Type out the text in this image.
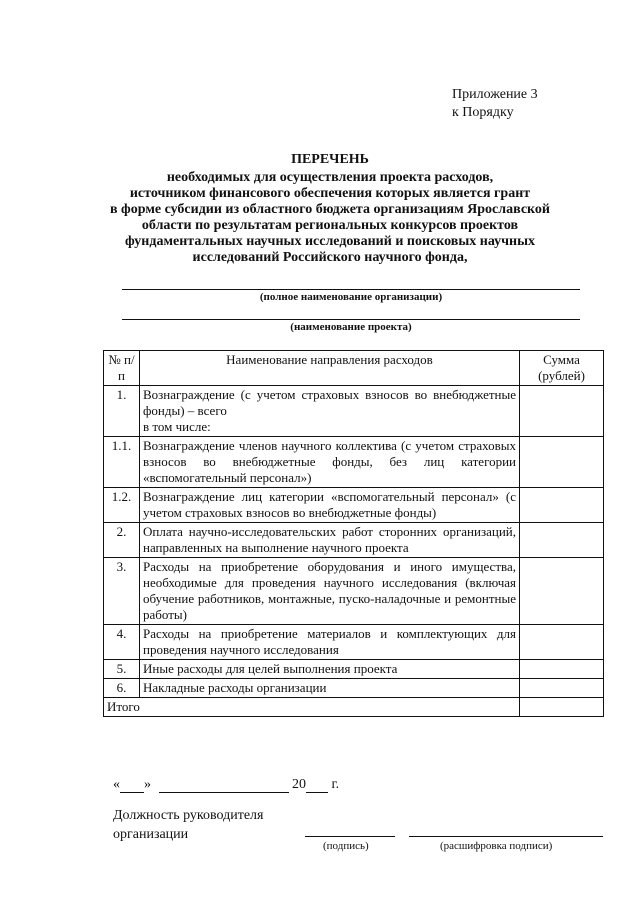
Приложение 3
к Порядку
ПЕРЕЧЕНЬ
необходимых для осуществления проекта расходов,
источником финансового обеспечения которых является грант
в форме субсидии из областного бюджета организациям Ярославской
области по результатам региональных конкурсов проектов
фундаментальных научных исследований и поисковых научных
исследований Российского научного фонда,
(полное наименование организации)
(наименование проекта)
№ п/п	Наименование направления расходов	Сумма (рублей)
1.	Вознаграждение (с учетом страховых взносов во внебюджетные фонды) – всего
в том числе:	

1.1.	Вознаграждение членов научного коллектива (с учетом страховых взносов во внебюджетные фонды, без лиц категории «вспомогательный персонал»)	
1.2.	Вознаграждение лиц категории «вспомогательный персонал» (с учетом страховых взносов во внебюджетные фонды)	
2.	Оплата научно-исследовательских работ сторонних организаций, направленных на выполнение научного проекта	
3.	Расходы на приобретение оборудования и иного имущества, необходимые для проведения научного исследования (включая обучение работников, монтажные, пуско-наладочные и ремонтные работы)	
4.	Расходы на приобретение материалов и комплектующих для проведения научного исследования	
5.	Иные расходы для целей выполнения проекта	
6.	Накладные расходы организации	
Итого		
« »	20 г.
Должность руководителя
организации
(подпись)	(расшифровка подписи)
